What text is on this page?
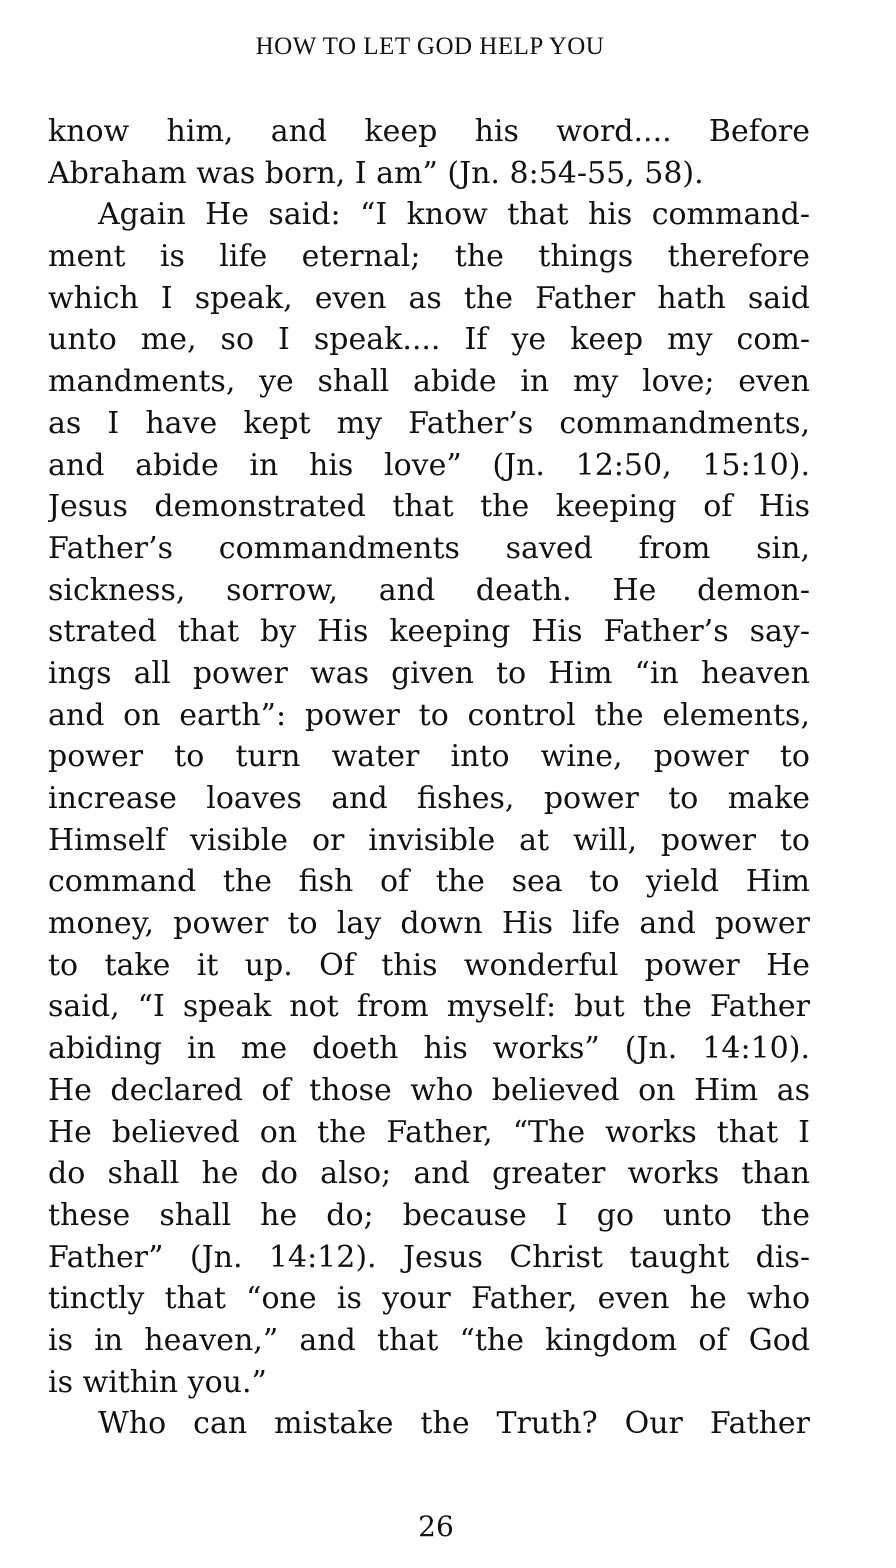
HOW TO LET GOD HELP YOU
know him, and keep his word.... Before
Abraham was born, I am” (Jn. 8:54-55, 58).
Again He said: “I know that his command-
ment is life eternal; the things therefore
which I speak, even as the Father hath said
unto me, so I speak.... If ye keep my com-
mandments, ye shall abide in my love; even
as I have kept my Father’s commandments,
and abide in his love” (Jn. 12:50, 15:10).
Jesus demonstrated that the keeping of His
Father’s commandments saved from sin,
sickness, sorrow, and death. He demon-
strated that by His keeping His Father’s say-
ings all power was given to Him “in heaven
and on earth”: power to control the elements,
power to turn water into wine, power to
increase loaves and fishes, power to make
Himself visible or invisible at will, power to
command the fish of the sea to yield Him
money, power to lay down His life and power
to take it up. Of this wonderful power He
said, “I speak not from myself: but the Father
abiding in me doeth his works” (Jn. 14:10).
He declared of those who believed on Him as
He believed on the Father, “The works that I
do shall he do also; and greater works than
these shall he do; because I go unto the
Father” (Jn. 14:12). Jesus Christ taught dis-
tinctly that “one is your Father, even he who
is in heaven,” and that “the kingdom of God
is within you.”
Who can mistake the Truth? Our Father
26
